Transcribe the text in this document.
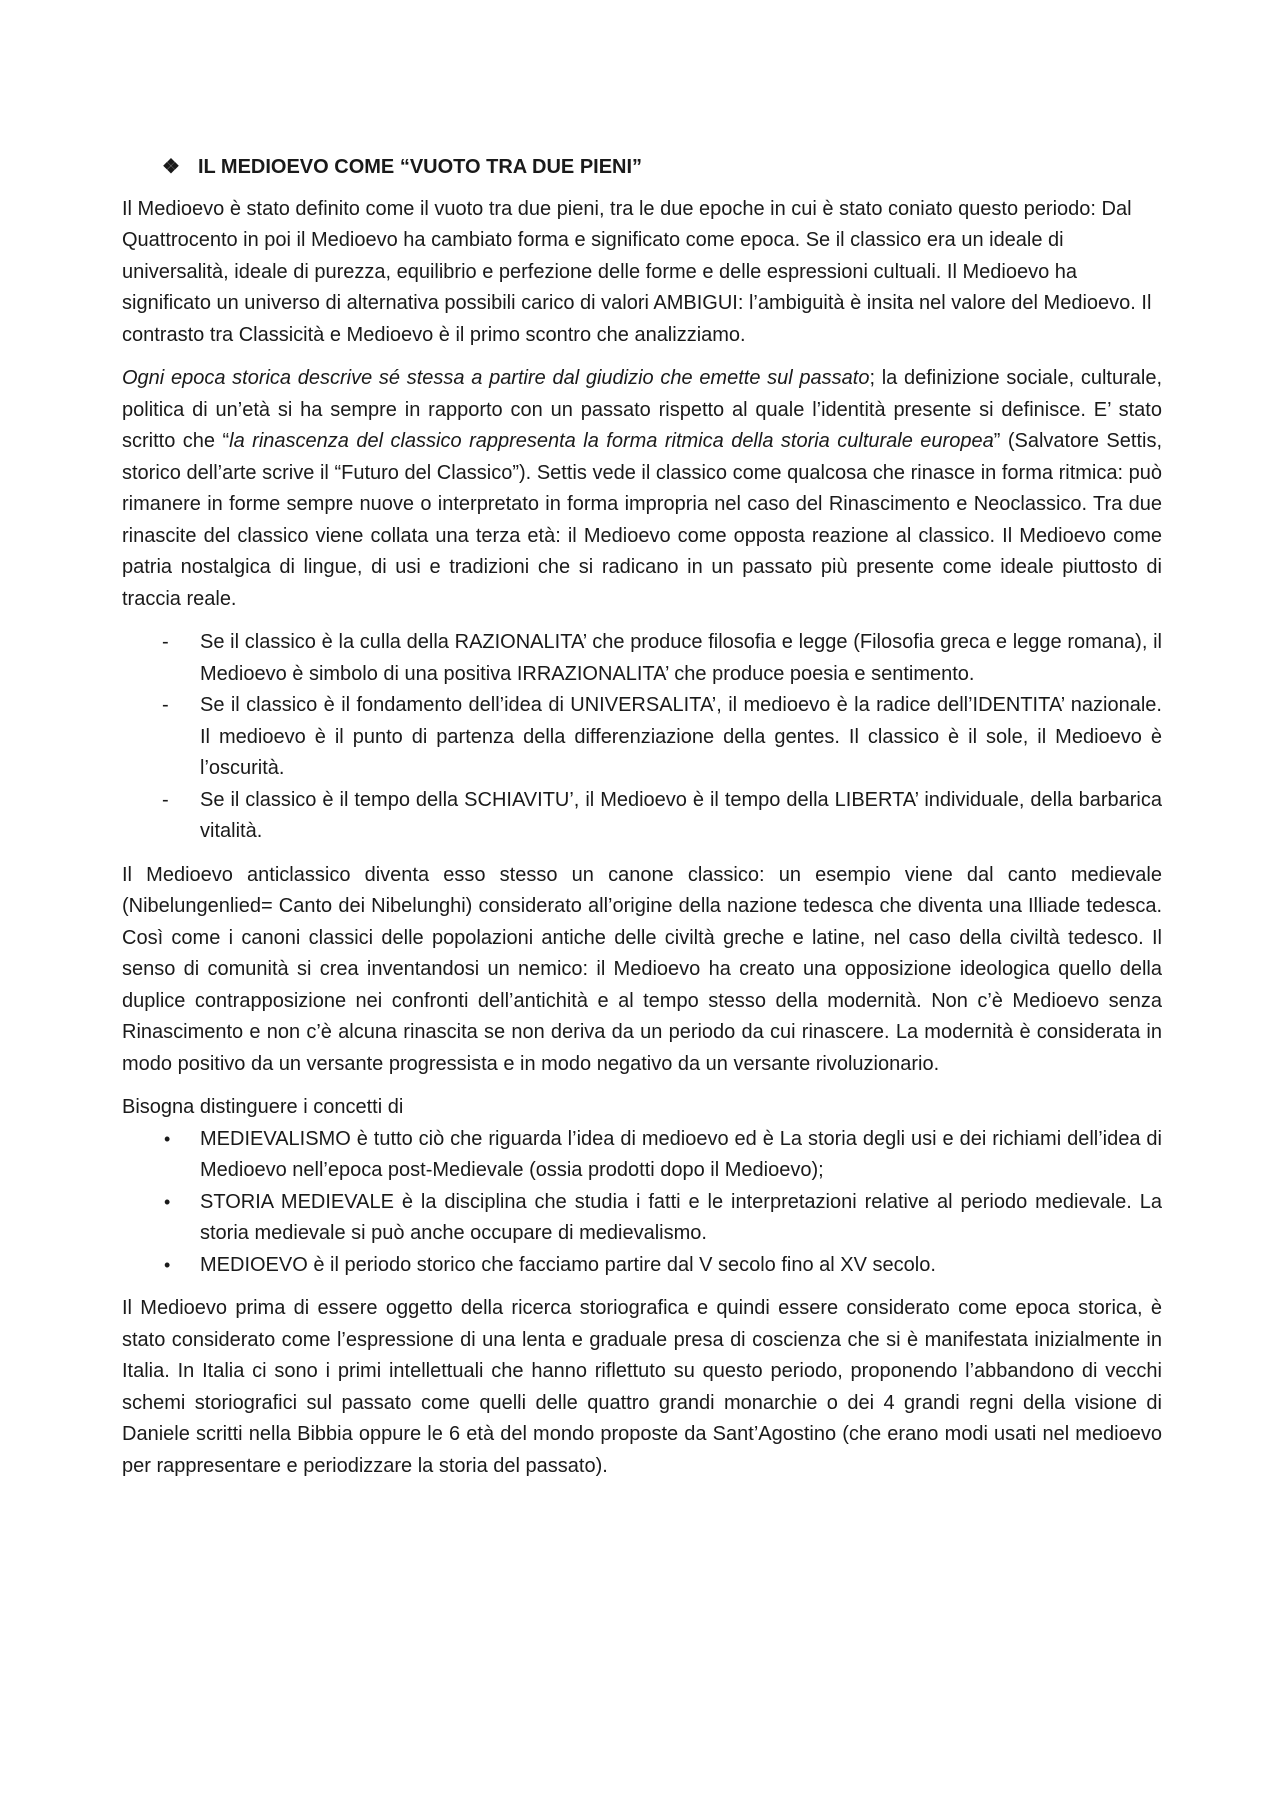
❖ IL MEDIOEVO COME “VUOTO TRA DUE PIENI”

Il Medioevo è stato definito come il vuoto tra due pieni, tra le due epoche in cui è stato coniato questo periodo: Dal Quattrocento in poi il Medioevo ha cambiato forma e significato come epoca. Se il classico era un ideale di universalità, ideale di purezza, equilibrio e perfezione delle forme e delle espressioni cultuali. Il Medioevo ha significato un universo di alternativa possibili carico di valori AMBIGUI: l’ambiguità è insita nel valore del Medioevo. Il contrasto tra Classicità e Medioevo è il primo scontro che analizziamo.

Ogni epoca storica descrive sé stessa a partire dal giudizio che emette sul passato; la definizione sociale, culturale, politica di un’età si ha sempre in rapporto con un passato rispetto al quale l’identità presente si definisce. E’ stato scritto che “la rinascenza del classico rappresenta la forma ritmica della storia culturale europea” (Salvatore Settis, storico dell’arte scrive il “Futuro del Classico”). Settis vede il classico come qualcosa che rinasce in forma ritmica: può rimanere in forme sempre nuove o interpretato in forma impropria nel caso del Rinascimento e Neoclassico. Tra due rinascite del classico viene collata una terza età: il Medioevo come opposta reazione al classico. Il Medioevo come patria nostalgica di lingue, di usi e tradizioni che si radicano in un passato più presente come ideale piuttosto di traccia reale.

- Se il classico è la culla della RAZIONALITA’ che produce filosofia e legge (Filosofia greca e legge romana), il Medioevo è simbolo di una positiva IRRAZIONALITA’ che produce poesia e sentimento.
- Se il classico è il fondamento dell’idea di UNIVERSALITA’, il medioevo è la radice dell’IDENTITA’ nazionale. Il medioevo è il punto di partenza della differenziazione della gentes. Il classico è il sole, il Medioevo è l’oscurità.
- Se il classico è il tempo della SCHIAVITU’, il Medioevo è il tempo della LIBERTA’ individuale, della barbarica vitalità.

Il Medioevo anticlassico diventa esso stesso un canone classico: un esempio viene dal canto medievale (Nibelungenlied= Canto dei Nibelunghi) considerato all’origine della nazione tedesca che diventa una Illiade tedesca. Così come i canoni classici delle popolazioni antiche delle civiltà greche e latine, nel caso della civiltà tedesco. Il senso di comunità si crea inventandosi un nemico: il Medioevo ha creato una opposizione ideologica quello della duplice contrapposizione nei confronti dell’antichità e al tempo stesso della modernità. Non c’è Medioevo senza Rinascimento e non c’è alcuna rinascita se non deriva da un periodo da cui rinascere. La modernità è considerata in modo positivo da un versante progressista e in modo negativo da un versante rivoluzionario.

Bisogna distinguere i concetti di

• MEDIEVALISMO è tutto ciò che riguarda l’idea di medioevo ed è La storia degli usi e dei richiami dell’idea di Medioevo nell’epoca post-Medievale (ossia prodotti dopo il Medioevo);
• STORIA MEDIEVALE è la disciplina che studia i fatti e le interpretazioni relative al periodo medievale. La storia medievale si può anche occupare di medievalismo.
• MEDIOEVO è il periodo storico che facciamo partire dal V secolo fino al XV secolo.

Il Medioevo prima di essere oggetto della ricerca storiografica e quindi essere considerato come epoca storica, è stato considerato come l’espressione di una lenta e graduale presa di coscienza che si è manifestata inizialmente in Italia. In Italia ci sono i primi intellettuali che hanno riflettuto su questo periodo, proponendo l’abbandono di vecchi schemi storiografici sul passato come quelli delle quattro grandi monarchie o dei 4 grandi regni della visione di Daniele scritti nella Bibbia oppure le 6 età del mondo proposte da Sant’Agostino (che erano modi usati nel medioevo per rappresentare e periodizzare la storia del passato).
